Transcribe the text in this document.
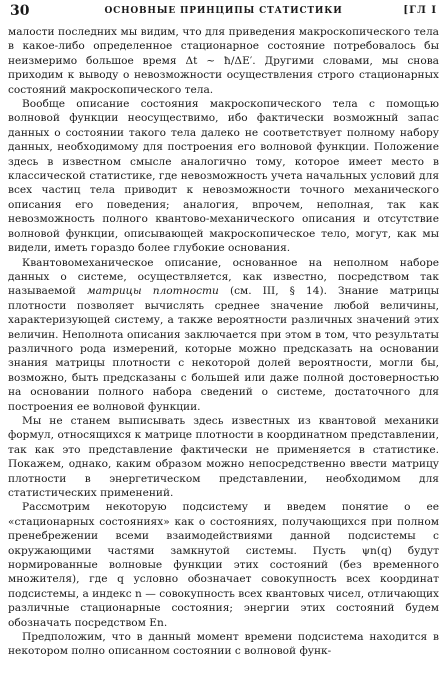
30	ОСНОВНЫЕ ПРИНЦИПЫ СТАТИСТИКИ	[ГЛ I

малости последних мы видим, что для приведения макроскопического тела в какое-либо определенное стационарное состояние потребовалось бы неизмеримо большое время Δt ~ ħ/ΔE′. Другими словами, мы снова приходим к выводу о невозможности осуществления строго стационарных состояний макроскопического тела.

Вообще описание состояния макроскопического тела с помощью волновой функции неосуществимо, ибо фактически возможный запас данных о состоянии такого тела далеко не соответствует полному набору данных, необходимому для построения его волновой функции. Положение здесь в известном смысле аналогично тому, которое имеет место в классической статистике, где невозможность учета начальных условий для всех частиц тела приводит к невозможности точного механического описания его поведения; аналогия, впрочем, неполная, так как невозможность полного квантово-механического описания и отсутствие волновой функции, описывающей макроскопическое тело, могут, как мы видели, иметь гораздо более глубокие основания.

Квантовомеханическое описание, основанное на неполном наборе данных о системе, осуществляется, как известно, посредством так называемой матрицы плотности (см. III, § 14). Знание матрицы плотности позволяет вычислять среднее значение любой величины, характеризующей систему, а также вероятности различных значений этих величин. Неполнота описания заключается при этом в том, что результаты различного рода измерений, которые можно предсказать на основании знания матрицы плотности с некоторой долей вероятности, могли бы, возможно, быть предсказаны с большей или даже полной достоверностью на основании полного набора сведений о системе, достаточного для построения ее волновой функции.

Мы не станем выписывать здесь известных из квантовой механики формул, относящихся к матрице плотности в координатном представлении, так как это представление фактически не применяется в статистике. Покажем, однако, каким образом можно непосредственно ввести матрицу плотности в энергетическом представлении, необходимом для статистических применений.

Рассмотрим некоторую подсистему и введем понятие о ее «стационарных состояниях» как о состояниях, получающихся при полном пренебрежении всеми взаимодействиями данной подсистемы с окружающими частями замкнутой системы. Пусть ψn(q) будут нормированные волновые функции этих состояний (без временного множителя), где q условно обозначает совокупность всех координат подсистемы, а индекс n — совокупность всех квантовых чисел, отличающих различные стационарные состояния; энергии этих состояний будем обозначать посредством En.

Предположим, что в данный момент времени подсистема находится в некотором полно описанном состоянии с волновой функ-
